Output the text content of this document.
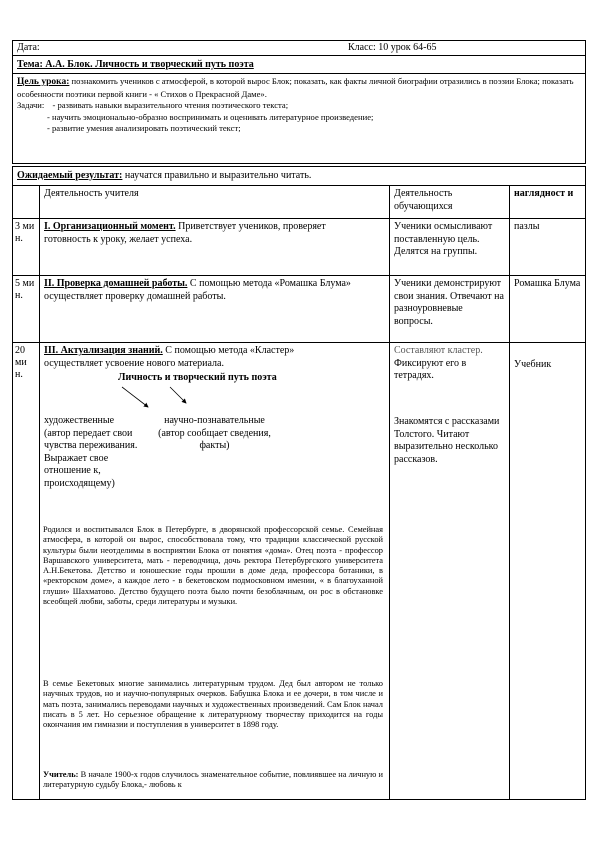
Дата:	Класс: 10 урок 64-65
Тема: А.А. Блок. Личность и творческий путь поэта
Цель урока: познакомить учеников с атмосферой, в которой вырос Блок; показать, как факты личной биографии отразились в поэзии Блока; показать особенности поэтики первой книги - « Стихов о Прекрасной Даме».
Задачи: - развивать навыки выразительного чтения поэтического текста;
- научить эмоционально-образно воспринимать и оценивать литературное произведение;
- развитие умения анализировать поэтический текст;
Ожидаемый результат: научатся правильно и выразительно читать.
Деятельность учителя	Деятельность обучающихся
наглядност и
3 ми н.
I. Организационный момент. Приветствует учеников, проверяет готовность к уроку, желает успеха.
Ученики осмысливают поставленную цель. Делятся на группы.
пазлы
5 ми н.
II. Проверка домашней работы. С помощью метода «Ромашка Блума» осуществляет проверку домашней работы.
Ученики демонстрируют свои знания. Отвечают на разноуровневые вопросы.
Ромашка Блума
20 ми н.
III. Актуализация знаний. С помощью метода «Кластер» осуществляет усвоение нового материала.
Личность и творческий путь поэта
художественные (автор передает свои чувства переживания. Выражает свое отношение к, происходящему)
научно-познавательные (автор сообщает сведения, факты)
Составляют кластер. Фиксируют его в тетрадях.
Знакомятся с рассказами Толстого. Читают выразительно несколько рассказов.
Учебник
Родился и воспитывался Блок в Петербурге, в дворянской профессорской семье. Семейная атмосфера, в которой он вырос, способствовала тому, что традиции классической русской культуры были неотделимы в восприятии Блока от понятия «дома». Отец поэта - профессор Варшавского университета, мать - переводчица, дочь ректора Петербургского университета А.Н.Бекетова. Детство и юношеские годы прошли в доме деда, профессора ботаники, в «ректорском доме», а каждое лето - в бекетовском подмосковном имении, « в благоуханной глуши» Шахматово. Детство будущего поэта было почти безоблачным, он рос в обстановке всеобщей любви, заботы, среди литературы и музыки.
В семье Бекетовых многие занимались литературным трудом. Дед был автором не только научных трудов, но и научно-популярных очерков. Бабушка Блока и ее дочери, в том числе и мать поэта, занимались переводами научных и художественных произведений. Сам Блок начал писать в 5 лет. Но серьезное обращение к литературному творчеству приходится на годы окончания им гимназии и поступления в университет в 1898 году.
Учитель: В начале 1900-х годов случилось знаменательное событие, повлиявшее на личную и литературную судьбу Блока,- любовь к
